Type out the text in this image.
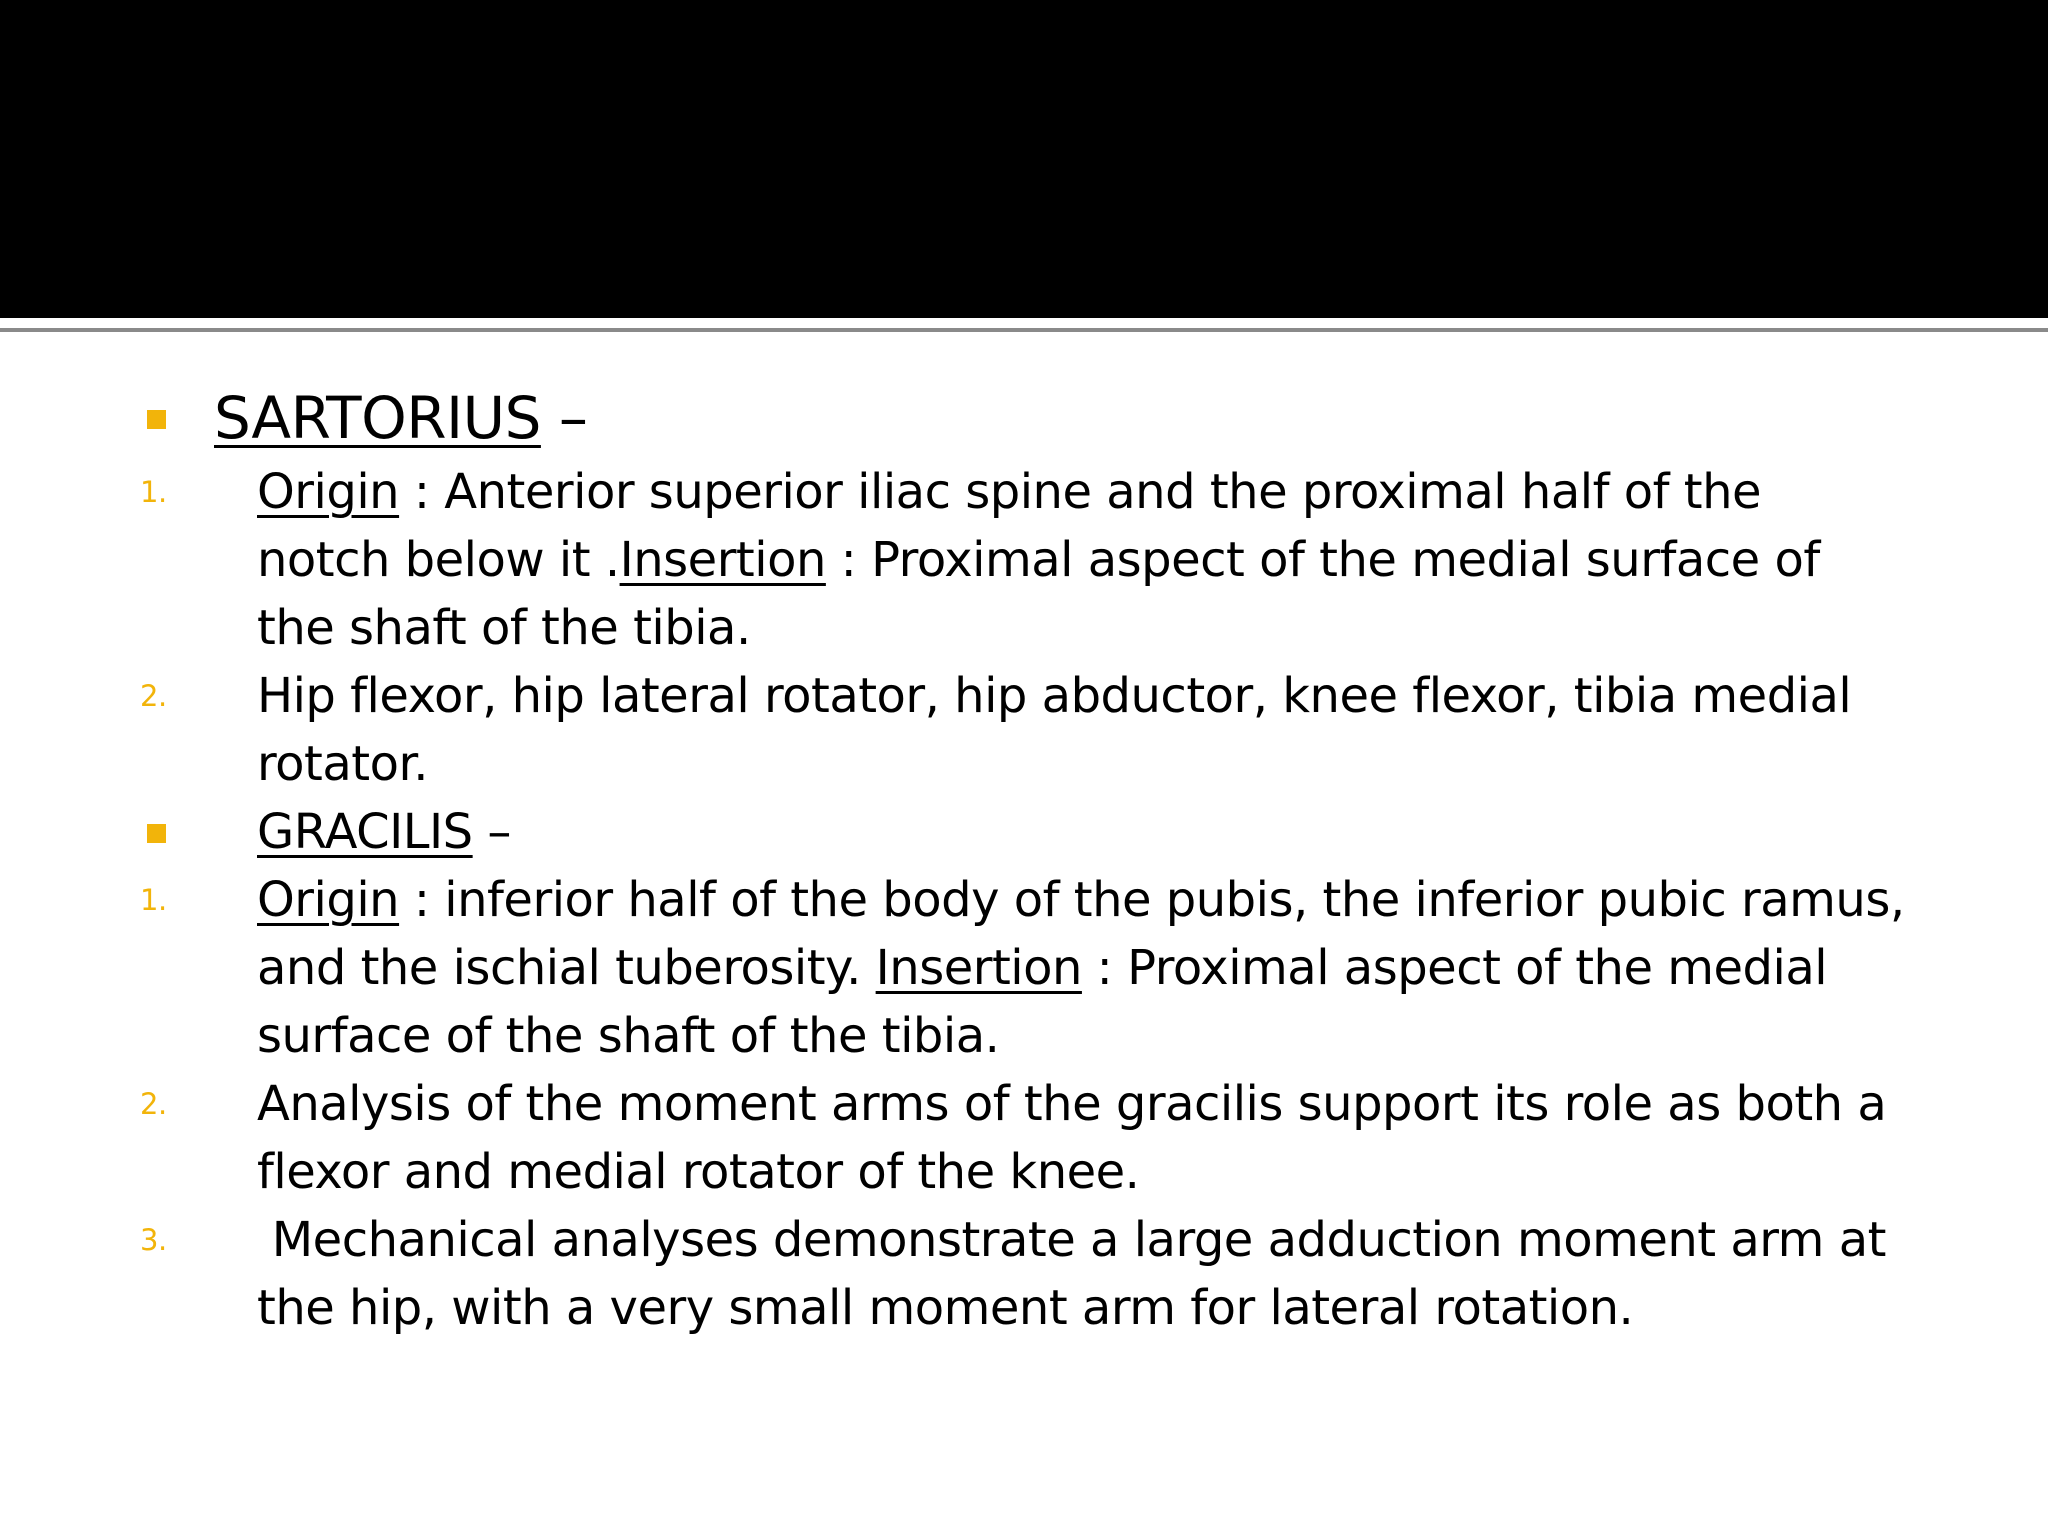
SARTORIUS –
1. Origin : Anterior superior iliac spine and the proximal half of the notch below it .Insertion : Proximal aspect of the medial surface of the shaft of the tibia.
2. Hip flexor, hip lateral rotator, hip abductor, knee flexor, tibia medial rotator.
GRACILIS –
1. Origin : inferior half of the body of the pubis, the inferior pubic ramus, and the ischial tuberosity. Insertion : Proximal aspect of the medial surface of the shaft of the tibia.
2. Analysis of the moment arms of the gracilis support its role as both a flexor and medial rotator of the knee.
3. Mechanical analyses demonstrate a large adduction moment arm at the hip, with a very small moment arm for lateral rotation.
